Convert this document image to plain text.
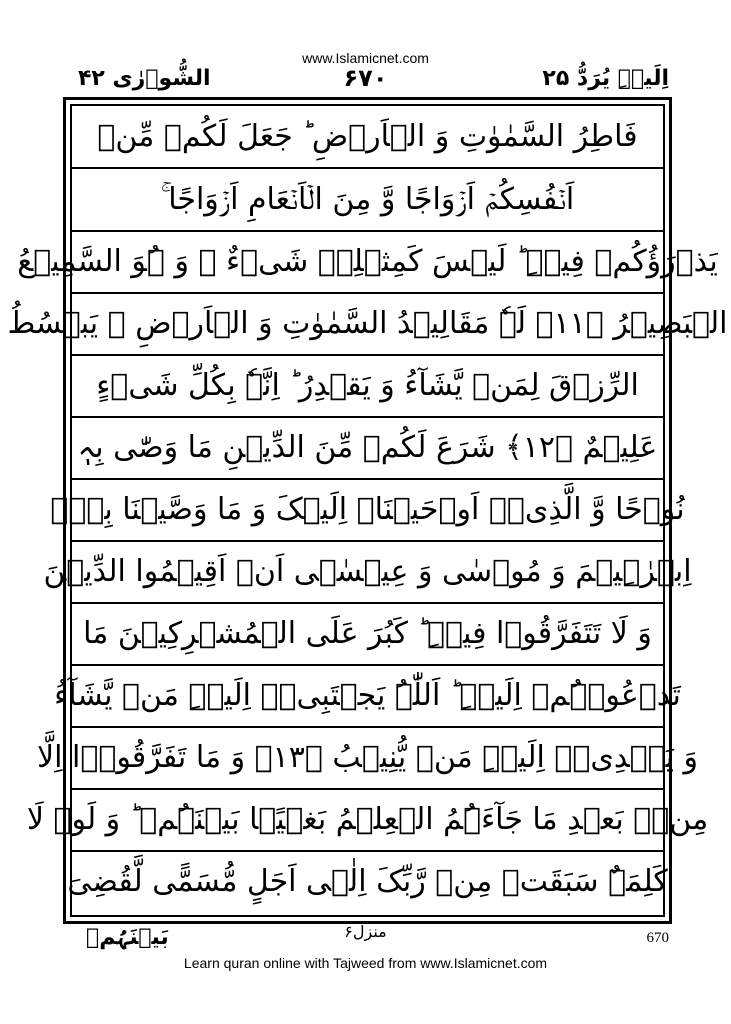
www.Islamicnet.com
اِلَیۡہِ یُرَدُّ ۲۵
۶۷۰
الشُّوۡرٰی ۴۲
فَاطِرُ السَّمٰوٰتِ وَ الۡاَرۡضِ ؕ جَعَلَ لَکُمۡ مِّنۡ
اَنۡفُسِکُمۡ اَزۡوَاجًا وَّ مِنَ الۡاَنۡعَامِ اَزۡوَاجًا ۚ
یَذۡرَؤُکُمۡ فِیۡہِ ؕ لَیۡسَ کَمِثۡلِہٖ شَیۡءٌ ۚ وَ ہُوَ السَّمِیۡعُ
الۡبَصِیۡرُ ﴿۱۱﴾ لَہٗ مَقَالِیۡدُ السَّمٰوٰتِ وَ الۡاَرۡضِ ۚ یَبۡسُطُ
الرِّزۡقَ لِمَنۡ یَّشَآءُ وَ یَقۡدِرُ ؕ اِنَّہٗ بِکُلِّ شَیۡءٍ
عَلِیۡمٌ ﴿۱۲﴾ شَرَعَ لَکُمۡ مِّنَ الدِّیۡنِ مَا وَصّٰی بِہٖ
نُوۡحًا وَّ الَّذِیۡۤ اَوۡحَیۡنَاۤ اِلَیۡکَ وَ مَا وَصَّیۡنَا بِہٖۤ
اِبۡرٰہِیۡمَ وَ مُوۡسٰی وَ عِیۡسٰۤی اَنۡ اَقِیۡمُوا الدِّیۡنَ
وَ لَا تَتَفَرَّقُوۡا فِیۡہِ ؕ کَبُرَ عَلَی الۡمُشۡرِکِیۡنَ مَا
تَدۡعُوۡہُمۡ اِلَیۡہِ ؕ اَللّٰہُ یَجۡتَبِیۡۤ اِلَیۡہِ مَنۡ یَّشَآءُ
وَ یَہۡدِیۡۤ اِلَیۡہِ مَنۡ یُّنِیۡبُ ﴿۱۳﴾ وَ مَا تَفَرَّقُوۡۤا اِلَّا
مِنۡۢ بَعۡدِ مَا جَآءَہُمُ الۡعِلۡمُ بَغۡیًۢا بَیۡنَہُمۡ ؕ وَ لَوۡ لَا
کَلِمَۃٌ سَبَقَتۡ مِنۡ رَّبِّکَ اِلٰۤی اَجَلٍ مُّسَمًّی لَّقُضِیَ
بَیۡنَہُمۡ	منزل۶	670
Learn quran online with Tajweed from www.Islamicnet.com
